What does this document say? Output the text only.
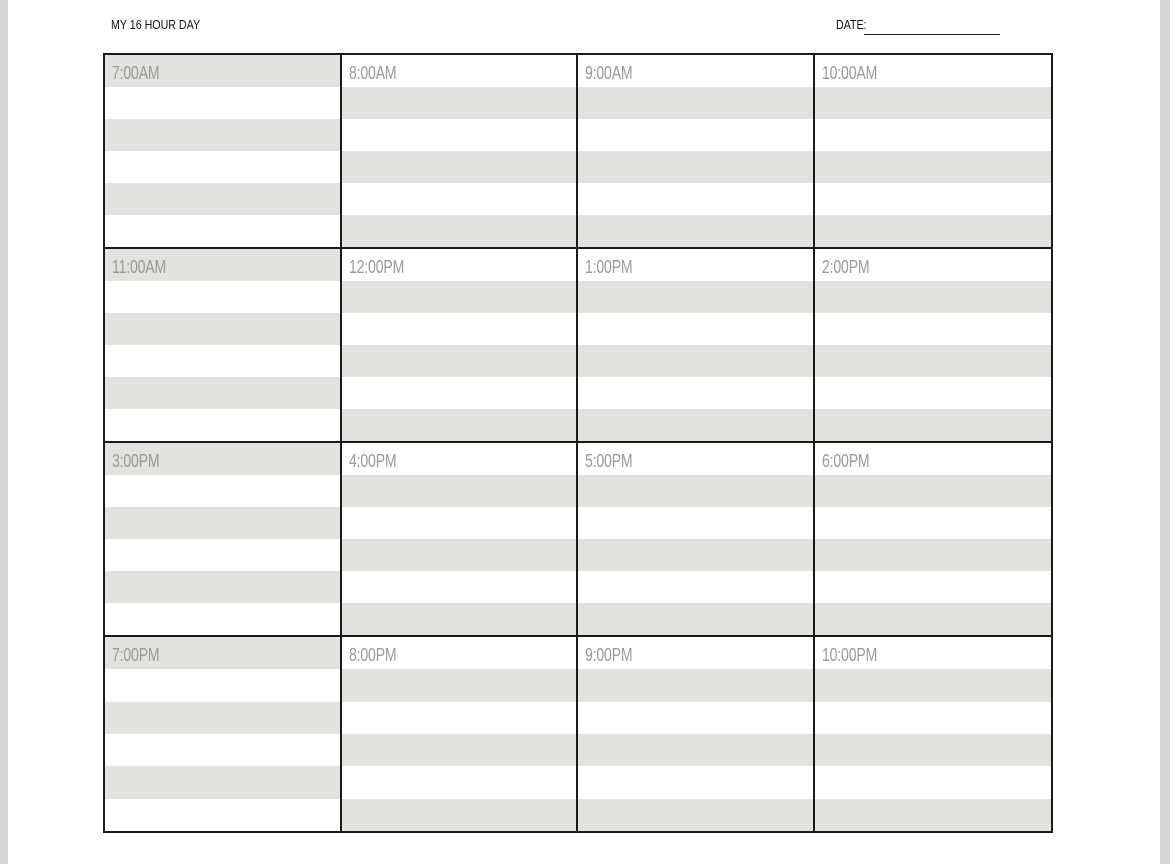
MY 16 HOUR DAY	DATE:
7:00AM	8:00AM	9:00AM	10:00AM
11:00AM	12:00PM	1:00PM	2:00PM
3:00PM	4:00PM	5:00PM	6:00PM
7:00PM	8:00PM	9:00PM	10:00PM
